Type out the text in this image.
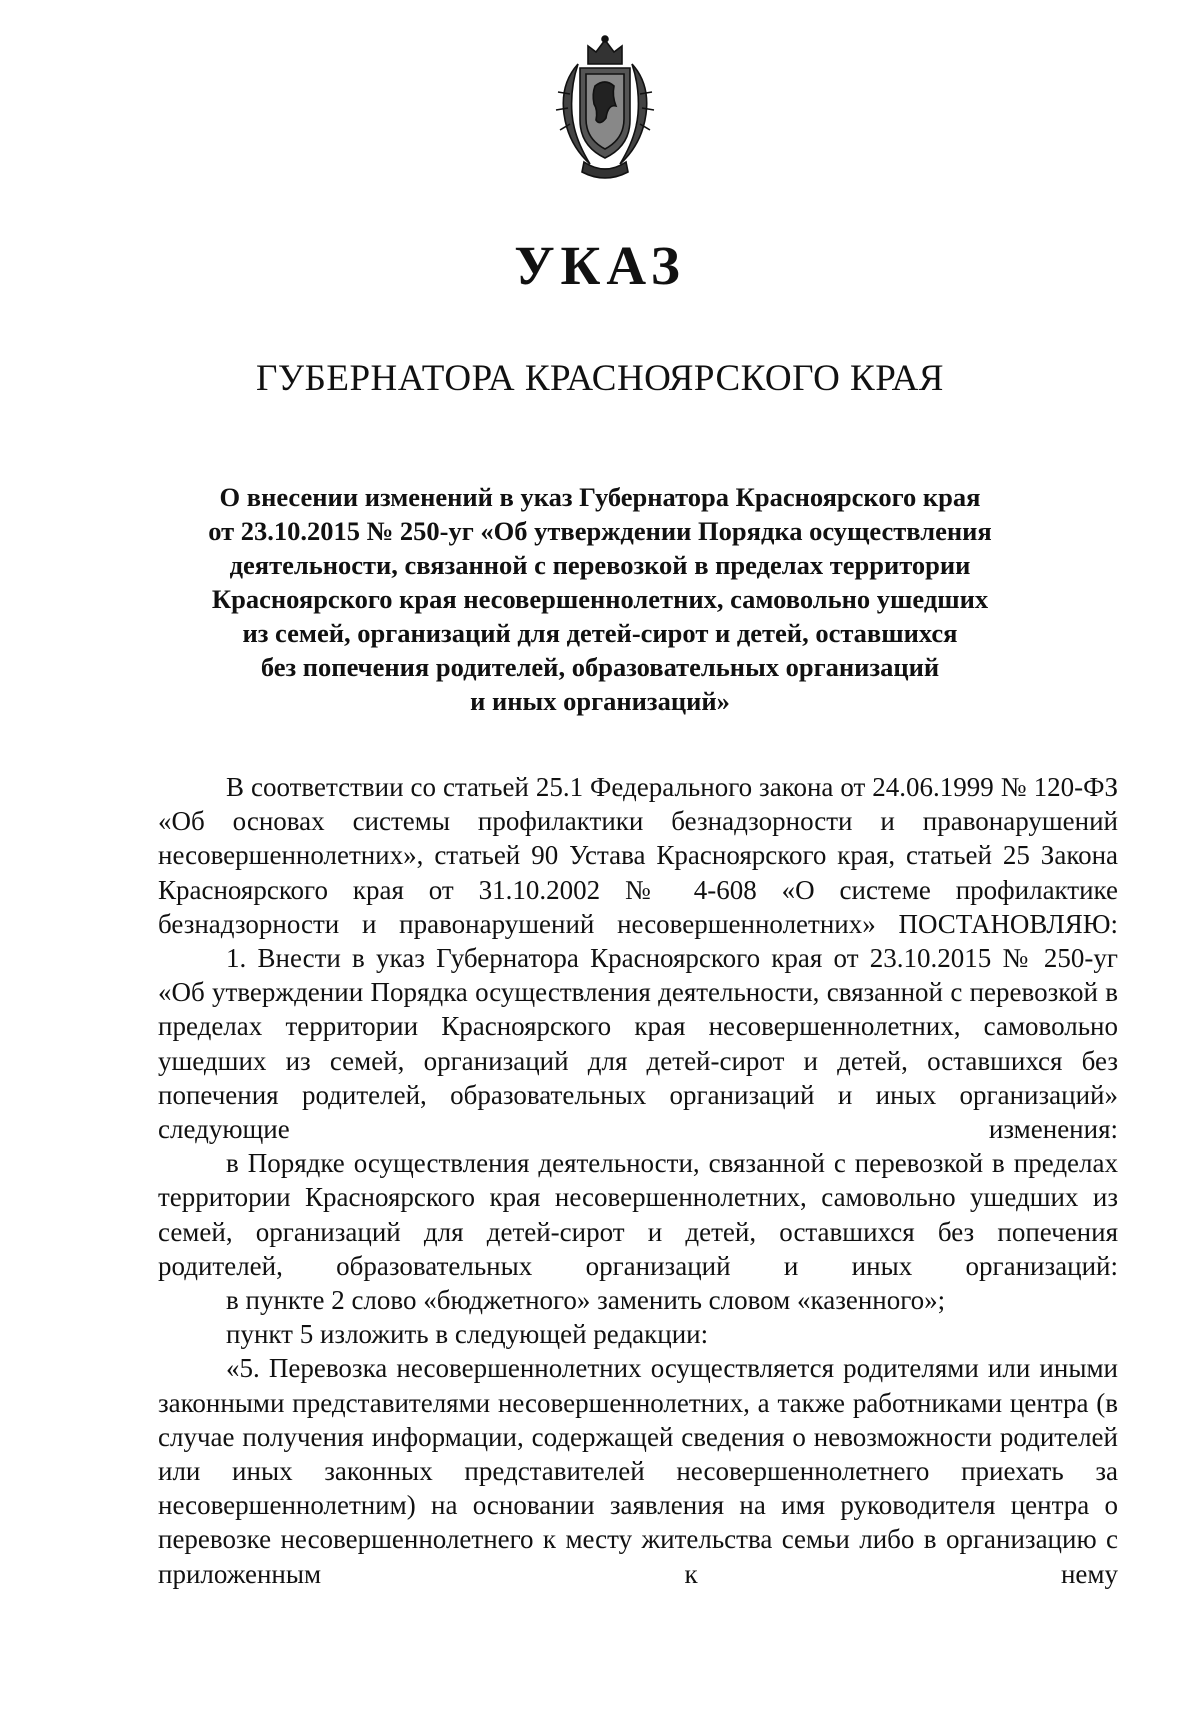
УКАЗ
ГУБЕРНАТОРА КРАСНОЯРСКОГО КРАЯ
О внесении изменений в указ Губернатора Красноярского края
от 23.10.2015 № 250-уг «Об утверждении Порядка осуществления
деятельности, связанной с перевозкой в пределах территории
Красноярского края несовершеннолетних, самовольно ушедших
из семей, организаций для детей-сирот и детей, оставшихся
без попечения родителей, образовательных организаций
и иных организаций»

В соответствии со статьей 25.1 Федерального закона от 24.06.1999 № 120-ФЗ «Об основах системы профилактики безнадзорности и правонарушений несовершеннолетних», статьей 90 Устава Красноярского края, статьей 25 Закона Красноярского края от 31.10.2002 № 4-608 «О системе профилактике безнадзорности и правонарушений несовершеннолетних» ПОСТАНОВЛЯЮ:

1. Внести в указ Губернатора Красноярского края от 23.10.2015 № 250-уг «Об утверждении Порядка осуществления деятельности, связанной с перевозкой в пределах территории Красноярского края несовершеннолетних, самовольно ушедших из семей, организаций для детей-сирот и детей, оставшихся без попечения родителей, образовательных организаций и иных организаций» следующие изменения:

в Порядке осуществления деятельности, связанной с перевозкой в пределах территории Красноярского края несовершеннолетних, самовольно ушедших из семей, организаций для детей-сирот и детей, оставшихся без попечения родителей, образовательных организаций и иных организаций:

в пункте 2 слово «бюджетного» заменить словом «казенного»;

пункт 5 изложить в следующей редакции:

«5. Перевозка несовершеннолетних осуществляется родителями или иными законными представителями несовершеннолетних, а также работниками центра (в случае получения информации, содержащей сведения о невозможности родителей или иных законных представителей несовершеннолетнего приехать за несовершеннолетним) на основании заявления на имя руководителя центра о перевозке несовершеннолетнего к месту жительства семьи либо в организацию с приложенным к нему
